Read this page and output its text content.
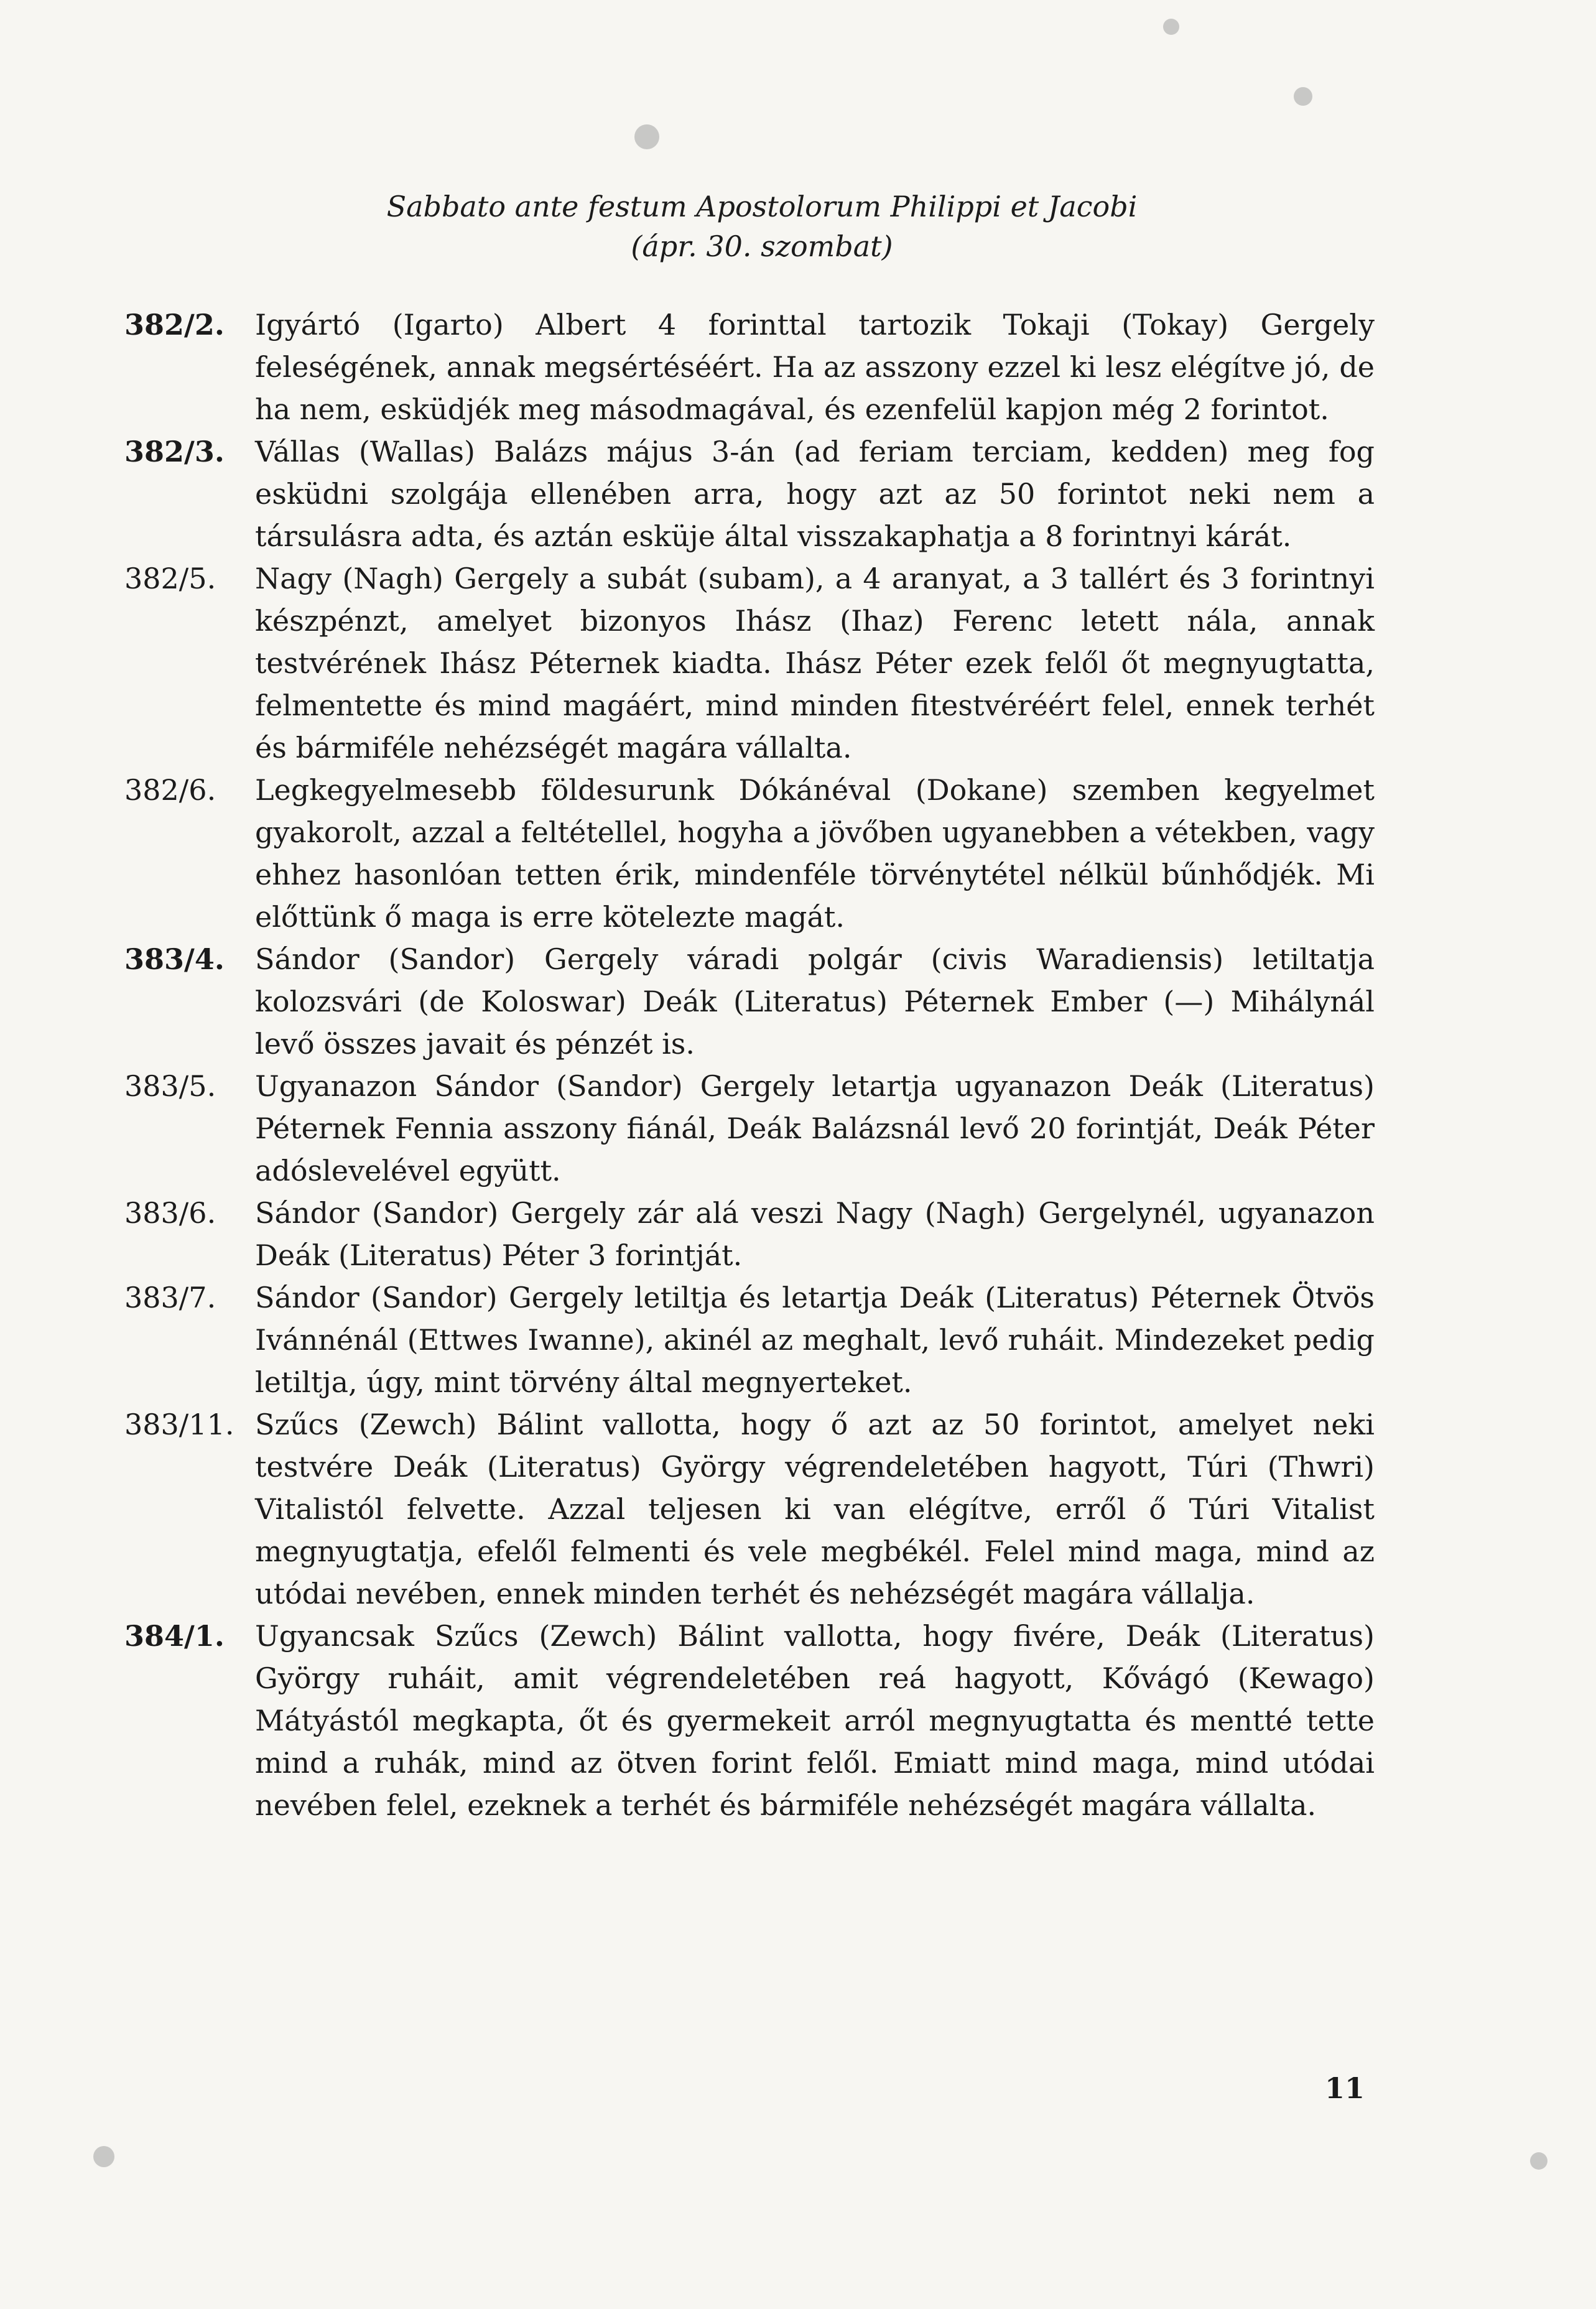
Sabbato ante festum Apostolorum Philippi et Jacobi
(ápr. 30. szombat)
382/2.	Igyártó (Igarto) Albert 4 forinttal tartozik Tokaji (Tokay) Gergely feleségének, annak megsértéséért. Ha az asszony ezzel ki lesz elégítve jó, de ha nem, esküdjék meg másodmagával, és ezenfelül kapjon még 2 forintot.
382/3.	Vállas (Wallas) Balázs május 3-án (ad feriam terciam, kedden) meg fog esküdni szolgája ellenében arra, hogy azt az 50 forintot neki nem a társulásra adta, és aztán esküje által visszakaphatja a 8 forintnyi kárát.
382/5.	Nagy (Nagh) Gergely a subát (subam), a 4 aranyat, a 3 tallért és 3 forintnyi készpénzt, amelyet bizonyos Ihász (Ihaz) Ferenc letett nála, annak testvérének Ihász Péternek kiadta. Ihász Péter ezek felől őt megnyugtatta, felmentette és mind magáért, mind minden fitestvéréért felel, ennek terhét és bármiféle nehézségét magára vállalta.
382/6.	Legkegyelmesebb földesurunk Dókánéval (Dokane) szemben kegyelmet gyakorolt, azzal a feltétellel, hogyha a jövőben ugyanebben a vétekben, vagy ehhez hasonlóan tetten érik, mindenféle törvénytétel nélkül bűnhődjék. Mi előttünk ő maga is erre kötelezte magát.
383/4.	Sándor (Sandor) Gergely váradi polgár (civis Waradiensis) letiltatja kolozsvári (de Koloswar) Deák (Literatus) Péternek Ember (—) Mihálynál levő összes javait és pénzét is.
383/5.	Ugyanazon Sándor (Sandor) Gergely letartja ugyanazon Deák (Literatus) Péternek Fennia asszony fiánál, Deák Balázsnál levő 20 forintját, Deák Péter adóslevelével együtt.
383/6.	Sándor (Sandor) Gergely zár alá veszi Nagy (Nagh) Gergelynél, ugyanazon Deák (Literatus) Péter 3 forintját.
383/7.	Sándor (Sandor) Gergely letiltja és letartja Deák (Literatus) Péternek Ötvös Ivánnénál (Ettwes Iwanne), akinél az meghalt, levő ruháit. Mindezeket pedig letiltja, úgy, mint törvény által megnyerteket.
383/11. Szűcs (Zewch) Bálint vallotta, hogy ő azt az 50 forintot, amelyet neki testvére Deák (Literatus) György végrendeletében hagyott, Túri (Thwri) Vitalistól felvette. Azzal teljesen ki van elégítve, erről ő Túri Vitalist megnyugtatja, efelől felmenti és vele megbékél. Felel mind maga, mind az utódai nevében, ennek minden terhét és nehézségét magára vállalja.
384/1.	Ugyancsak Szűcs (Zewch) Bálint vallotta, hogy fivére, Deák (Literatus) György ruháit, amit végrendeletében reá hagyott, Kővágó (Kewago) Mátyástól megkapta, őt és gyermekeit arról megnyugtatta és mentté tette mind a ruhák, mind az ötven forint felől. Emiatt mind maga, mind utódai nevében felel, ezeknek a terhét és bármiféle nehézségét magára vállalta.
11
